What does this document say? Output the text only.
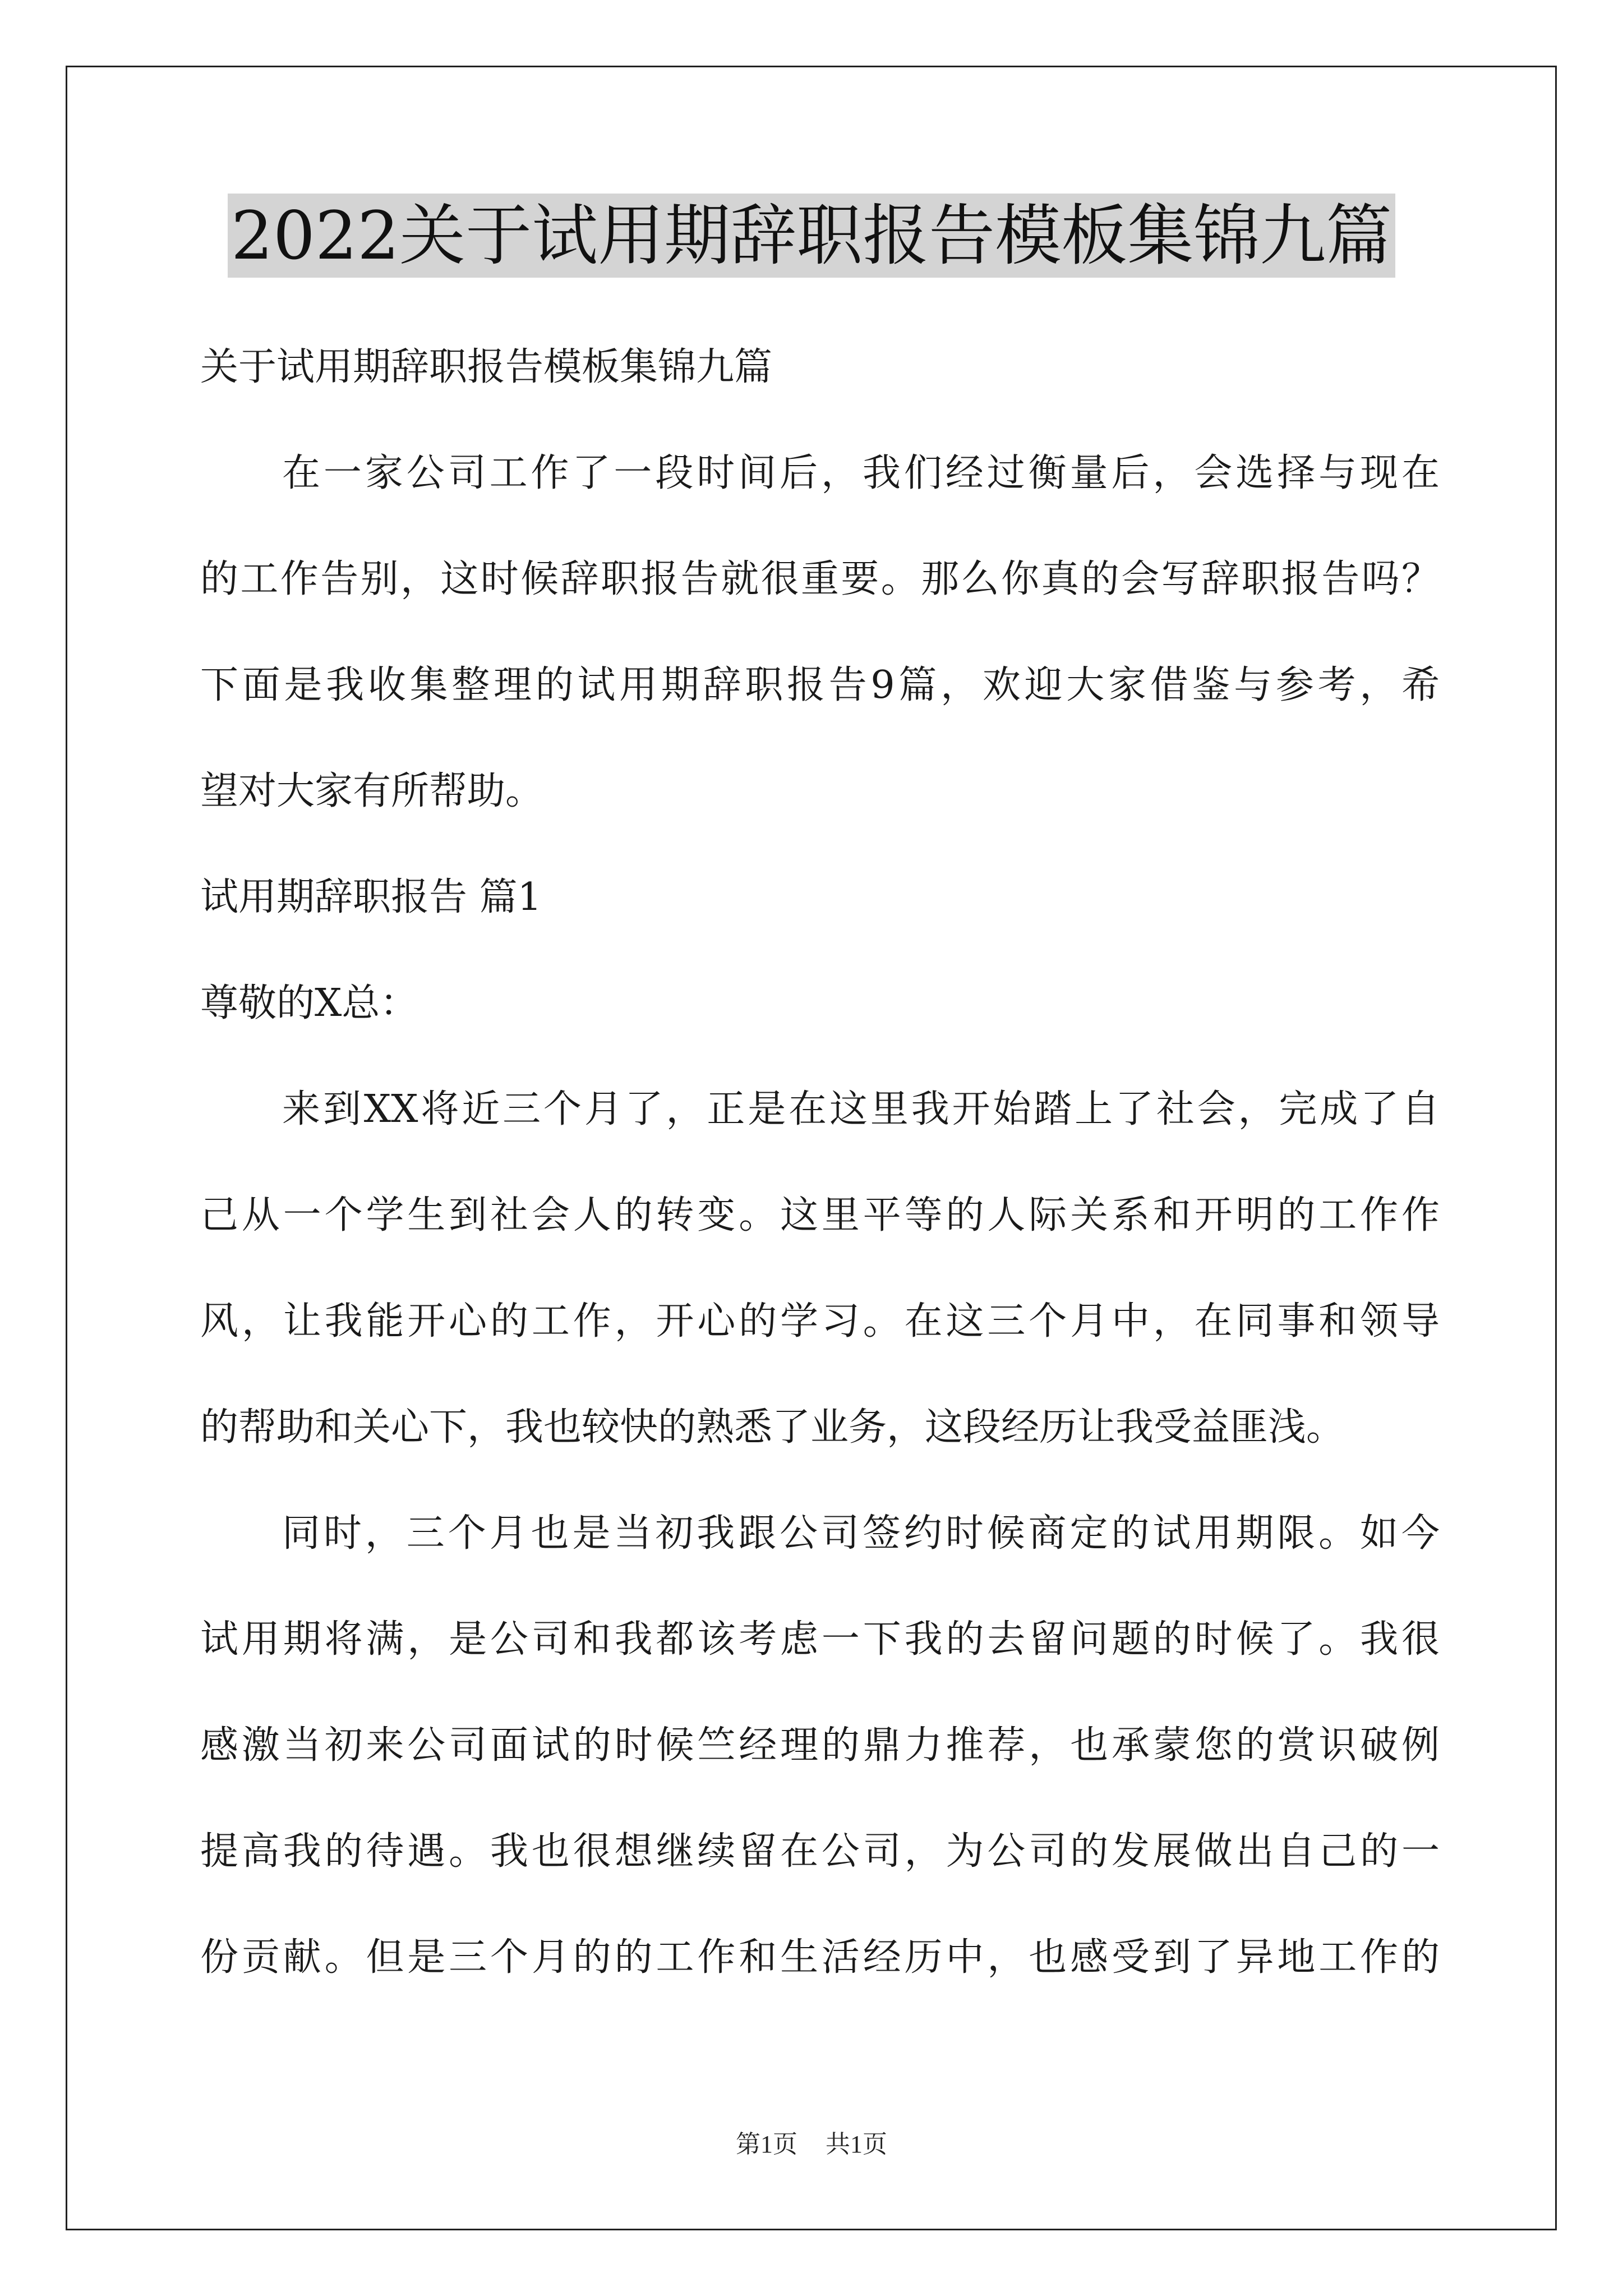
2022关于试用期辞职报告模板集锦九篇
关于试用期辞职报告模板集锦九篇
在一家公司工作了一段时间后，我们经过衡量后，会选择与现在
的工作告别，这时候辞职报告就很重要。那么你真的会写辞职报告吗？
下面是我收集整理的试用期辞职报告9篇，欢迎大家借鉴与参考，希
望对大家有所帮助。
试用期辞职报告 篇1
尊敬的X总：
来到XX将近三个月了，正是在这里我开始踏上了社会，完成了自
己从一个学生到社会人的转变。这里平等的人际关系和开明的工作作
风，让我能开心的工作，开心的学习。在这三个月中，在同事和领导
的帮助和关心下，我也较快的熟悉了业务，这段经历让我受益匪浅。
同时，三个月也是当初我跟公司签约时候商定的试用期限。如今
试用期将满，是公司和我都该考虑一下我的去留问题的时候了。我很
感激当初来公司面试的时候竺经理的鼎力推荐，也承蒙您的赏识破例
提高我的待遇。我也很想继续留在公司，为公司的发展做出自己的一
份贡献。但是三个月的的工作和生活经历中，也感受到了异地工作的
第1页 共1页
